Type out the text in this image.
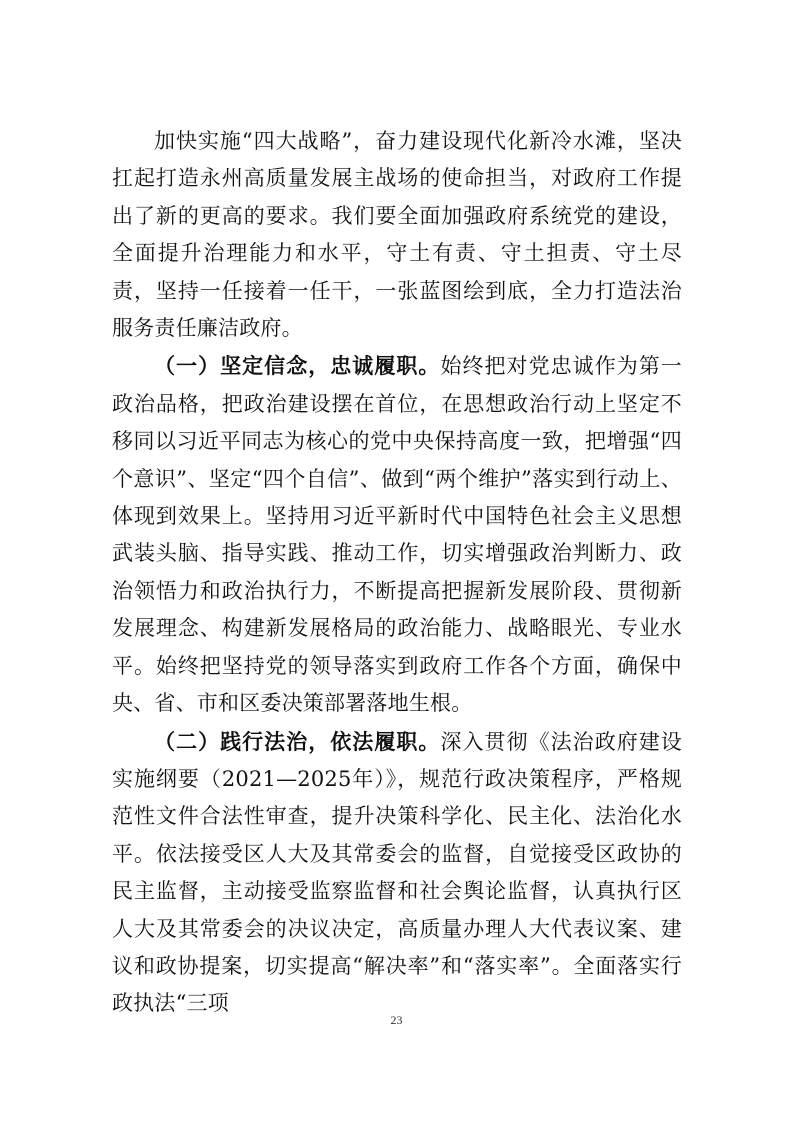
加快实施“四大战略”，奋力建设现代化新冷水滩，坚决扛起打造永州高质量发展主战场的使命担当，对政府工作提出了新的更高的要求。我们要全面加强政府系统党的建设，全面提升治理能力和水平，守土有责、守土担责、守土尽责，坚持一任接着一任干，一张蓝图绘到底，全力打造法治服务责任廉洁政府。

（一）坚定信念，忠诚履职。始终把对党忠诚作为第一政治品格，把政治建设摆在首位，在思想政治行动上坚定不移同以习近平同志为核心的党中央保持高度一致，把增强“四个意识”、坚定“四个自信”、做到“两个维护”落实到行动上、体现到效果上。坚持用习近平新时代中国特色社会主义思想武装头脑、指导实践、推动工作，切实增强政治判断力、政治领悟力和政治执行力，不断提高把握新发展阶段、贯彻新发展理念、构建新发展格局的政治能力、战略眼光、专业水平。始终把坚持党的领导落实到政府工作各个方面，确保中央、省、市和区委决策部署落地生根。

（二）践行法治，依法履职。深入贯彻《法治政府建设实施纲要（2021—2025年）》，规范行政决策程序，严格规范性文件合法性审查，提升决策科学化、民主化、法治化水平。依法接受区人大及其常委会的监督，自觉接受区政协的民主监督，主动接受监察监督和社会舆论监督，认真执行区人大及其常委会的决议决定，高质量办理人大代表议案、建议和政协提案，切实提高“解决率”和“落实率”。全面落实行政执法“三项

23
